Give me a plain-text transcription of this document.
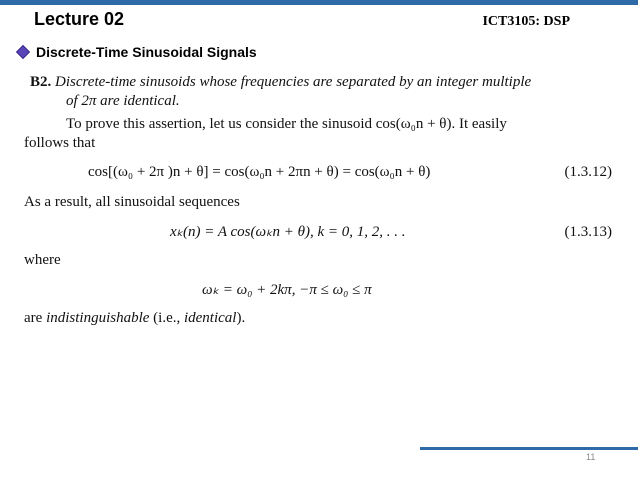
Lecture 02	ICT3105: DSP
Discrete-Time Sinusoidal Signals
B2. Discrete-time sinusoids whose frequencies are separated by an integer multiple
of 2π are identical.
To prove this assertion, let us consider the sinusoid cos(ω₀n + θ). It easily
follows that
cos[(ω₀ + 2π )n + θ] = cos(ω₀n + 2πn + θ) = cos(ω₀n + θ)	(1.3.12)
As a result, all sinusoidal sequences
xₖ(n) = A cos(ωₖn + θ), k = 0, 1, 2, . . .	(1.3.13)
where
ωₖ = ω₀ + 2kπ, −π ≤ ω₀ ≤ π
are indistinguishable (i.e., identical).
11
